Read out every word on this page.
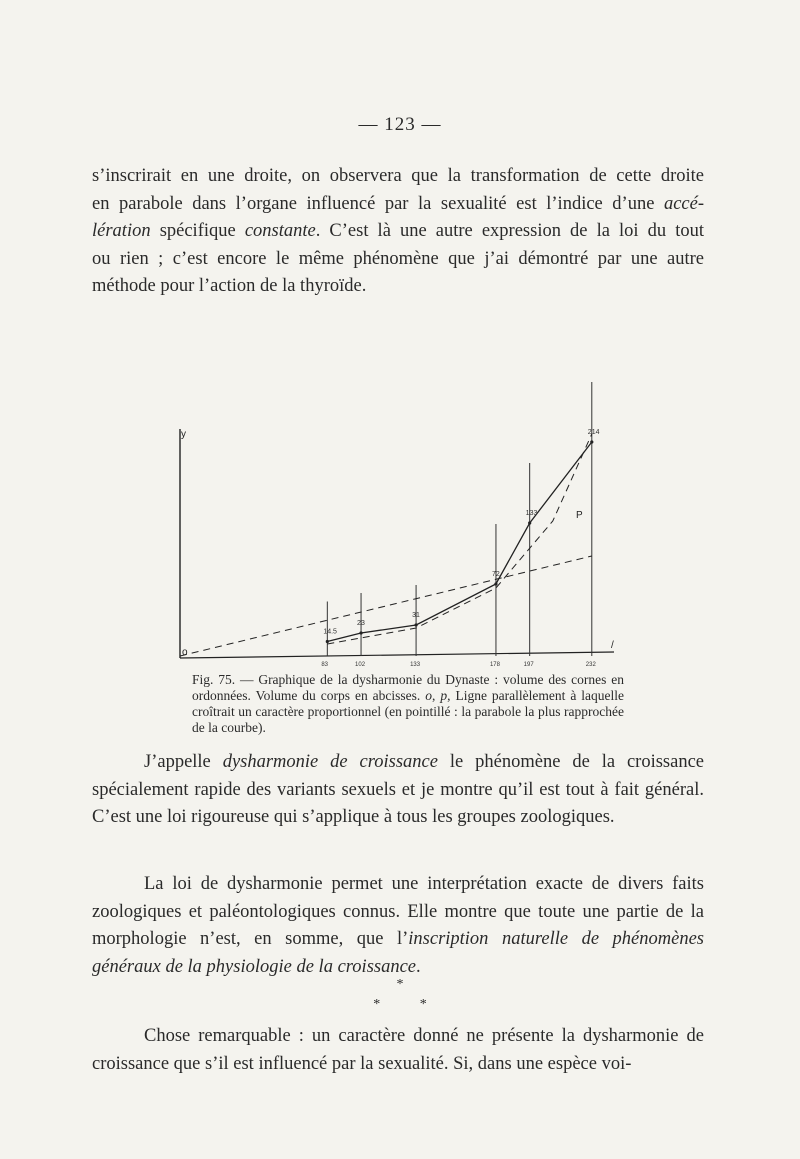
— 123 —
s’inscrirait en une droite, on observera que la transformation de cette droite
en parabole dans l’organe influencé par la sexualité est l’indice d’une accé-
lération spécifique constante. C’est là une autre expression de la loi du tout
ou rien ; c’est encore le même phénomène que j’ai démontré par une autre
méthode pour l’action de la thyroïde.
y
o
/
P
14.5
23
31
72
133
214
83	102	133	178	197	232
Fig. 75. — Graphique de la dysharmonie du Dynaste : volume des cornes en ordonnées. Volume du corps en abcisses. o, p, Ligne parallèlement à laquelle croîtrait un caractère proportionnel (en pointillé : la parabole la plus rapprochée de la courbe).
J’appelle dysharmonie de croissance le phénomène de la croissance spécialement rapide des variants sexuels et je montre qu’il est tout à fait général. C’est une loi rigoureuse qui s’applique à tous les groupes zoologiques.
La loi de dysharmonie permet une interprétation exacte de divers faits zoologiques et paléontologiques connus. Elle montre que toute une partie de la morphologie n’est, en somme, que l’inscription naturelle de phénomènes généraux de la physiologie de la croissance.
*
* *
Chose remarquable : un caractère donné ne présente la dysharmonie de croissance que s’il est influencé par la sexualité. Si, dans une espèce voi-
